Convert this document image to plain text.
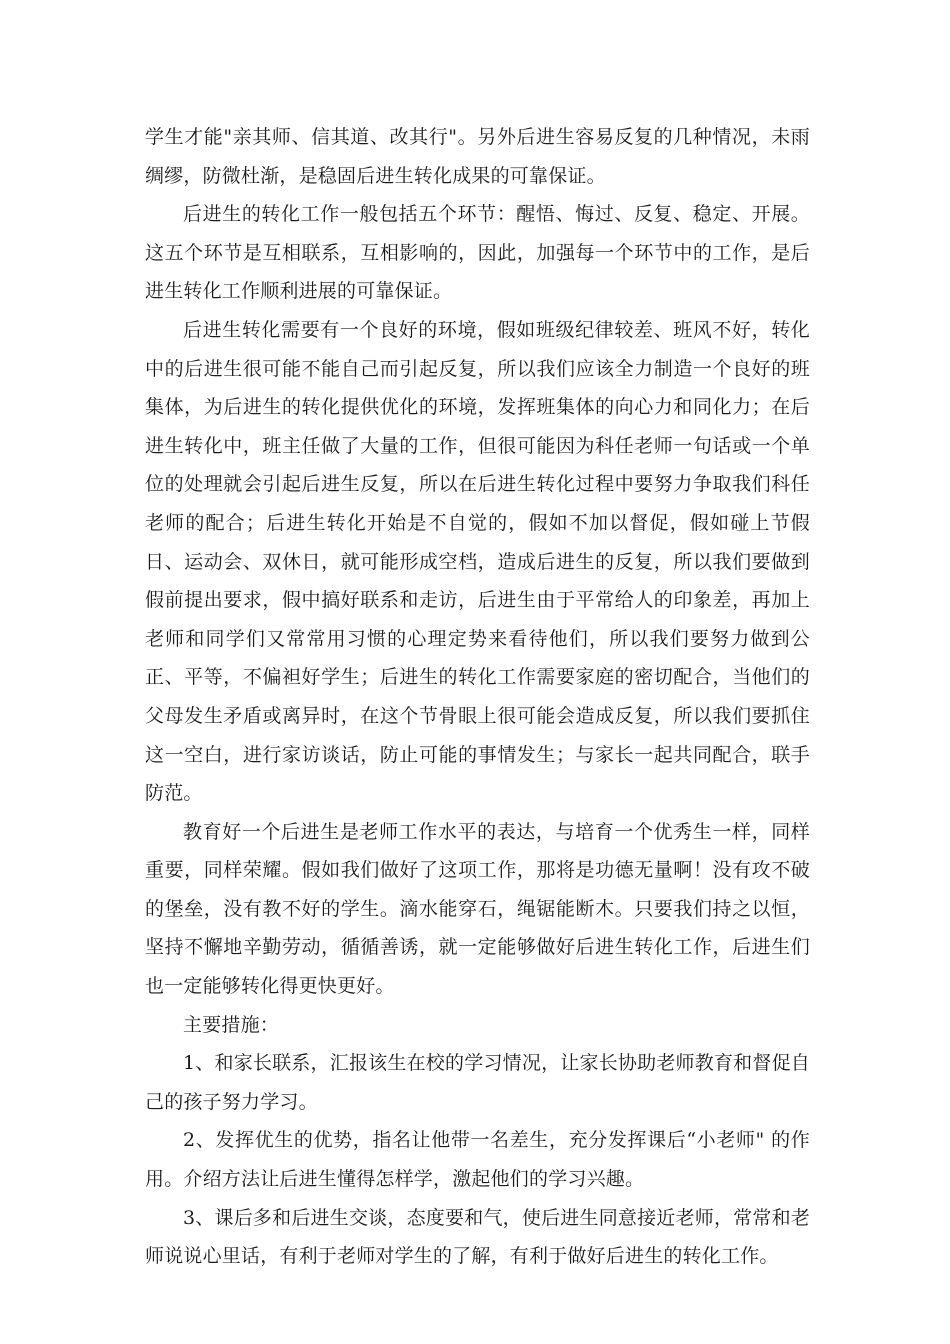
学生才能"亲其师、信其道、改其行"。另外后进生容易反复的几种情况，未雨绸缪，防微杜渐，是稳固后进生转化成果的可靠保证。

后进生的转化工作一般包括五个环节：醒悟、悔过、反复、稳定、开展。这五个环节是互相联系，互相影响的，因此，加强每一个环节中的工作，是后进生转化工作顺利进展的可靠保证。

后进生转化需要有一个良好的环境，假如班级纪律较差、班风不好，转化中的后进生很可能不能自己而引起反复，所以我们应该全力制造一个良好的班集体，为后进生的转化提供优化的环境，发挥班集体的向心力和同化力；在后进生转化中，班主任做了大量的工作，但很可能因为科任老师一句话或一个单位的处理就会引起后进生反复，所以在后进生转化过程中要努力争取我们科任老师的配合；后进生转化开始是不自觉的，假如不加以督促，假如碰上节假日、运动会、双休日，就可能形成空档，造成后进生的反复，所以我们要做到假前提出要求，假中搞好联系和走访，后进生由于平常给人的印象差，再加上老师和同学们又常常用习惯的心理定势来看待他们，所以我们要努力做到公正、平等，不偏袒好学生；后进生的转化工作需要家庭的密切配合，当他们的父母发生矛盾或离异时，在这个节骨眼上很可能会造成反复，所以我们要抓住这一空白，进行家访谈话，防止可能的事情发生；与家长一起共同配合，联手防范。

教育好一个后进生是老师工作水平的表达，与培育一个优秀生一样，同样重要，同样荣耀。假如我们做好了这项工作，那将是功德无量啊！没有攻不破的堡垒，没有教不好的学生。滴水能穿石，绳锯能断木。只要我们持之以恒，坚持不懈地辛勤劳动，循循善诱，就一定能够做好后进生转化工作，后进生们也一定能够转化得更快更好。

主要措施：

1、和家长联系，汇报该生在校的学习情况，让家长协助老师教育和督促自己的孩子努力学习。

2、发挥优生的优势，指名让他带一名差生，充分发挥课后“小老师" 的作用。介绍方法让后进生懂得怎样学，激起他们的学习兴趣。

3、课后多和后进生交谈，态度要和气，使后进生同意接近老师，常常和老师说说心里话，有利于老师对学生的了解，有利于做好后进生的转化工作。
